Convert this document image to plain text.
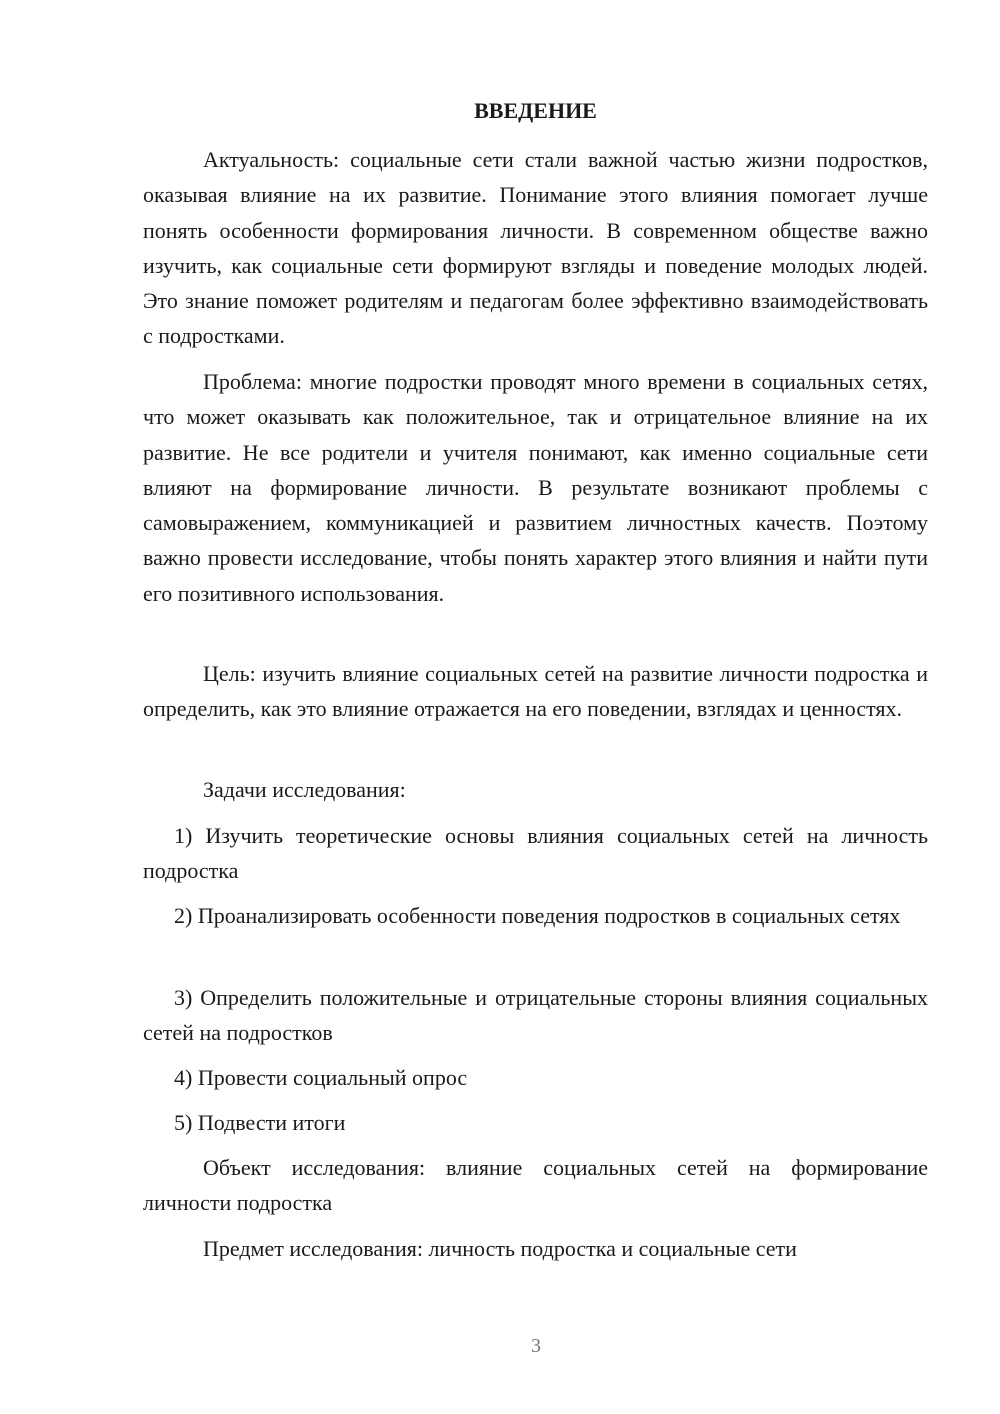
ВВЕДЕНИЕ

Актуальность: социальные сети стали важной частью жизни подростков, оказывая влияние на их развитие. Понимание этого влияния помогает лучше понять особенности формирования личности. В современном обществе важно изучить, как социальные сети формируют взгляды и поведение молодых людей. Это знание поможет родителям и педагогам более эффективно взаимодействовать с подростками.

Проблема: многие подростки проводят много времени в социальных сетях, что может оказывать как положительное, так и отрицательное влияние на их развитие. Не все родители и учителя понимают, как именно социальные сети влияют на формирование личности. В результате возникают проблемы с самовыражением, коммуникацией и развитием личностных качеств. Поэтому важно провести исследование, чтобы понять характер этого влияния и найти пути его позитивного использования.

Цель: изучить влияние социальных сетей на развитие личности подростка и определить, как это влияние отражается на его поведении, взглядах и ценностях.

Задачи исследования:

1) Изучить теоретические основы влияния социальных сетей на личность подростка

2) Проанализировать особенности поведения подростков в социальных сетях

3) Определить положительные и отрицательные стороны влияния социальных сетей на подростков

4) Провести социальный опрос

5) Подвести итоги

Объект исследования: влияние социальных сетей на формирование личности подростка

Предмет исследования: личность подростка и социальные сети

3
